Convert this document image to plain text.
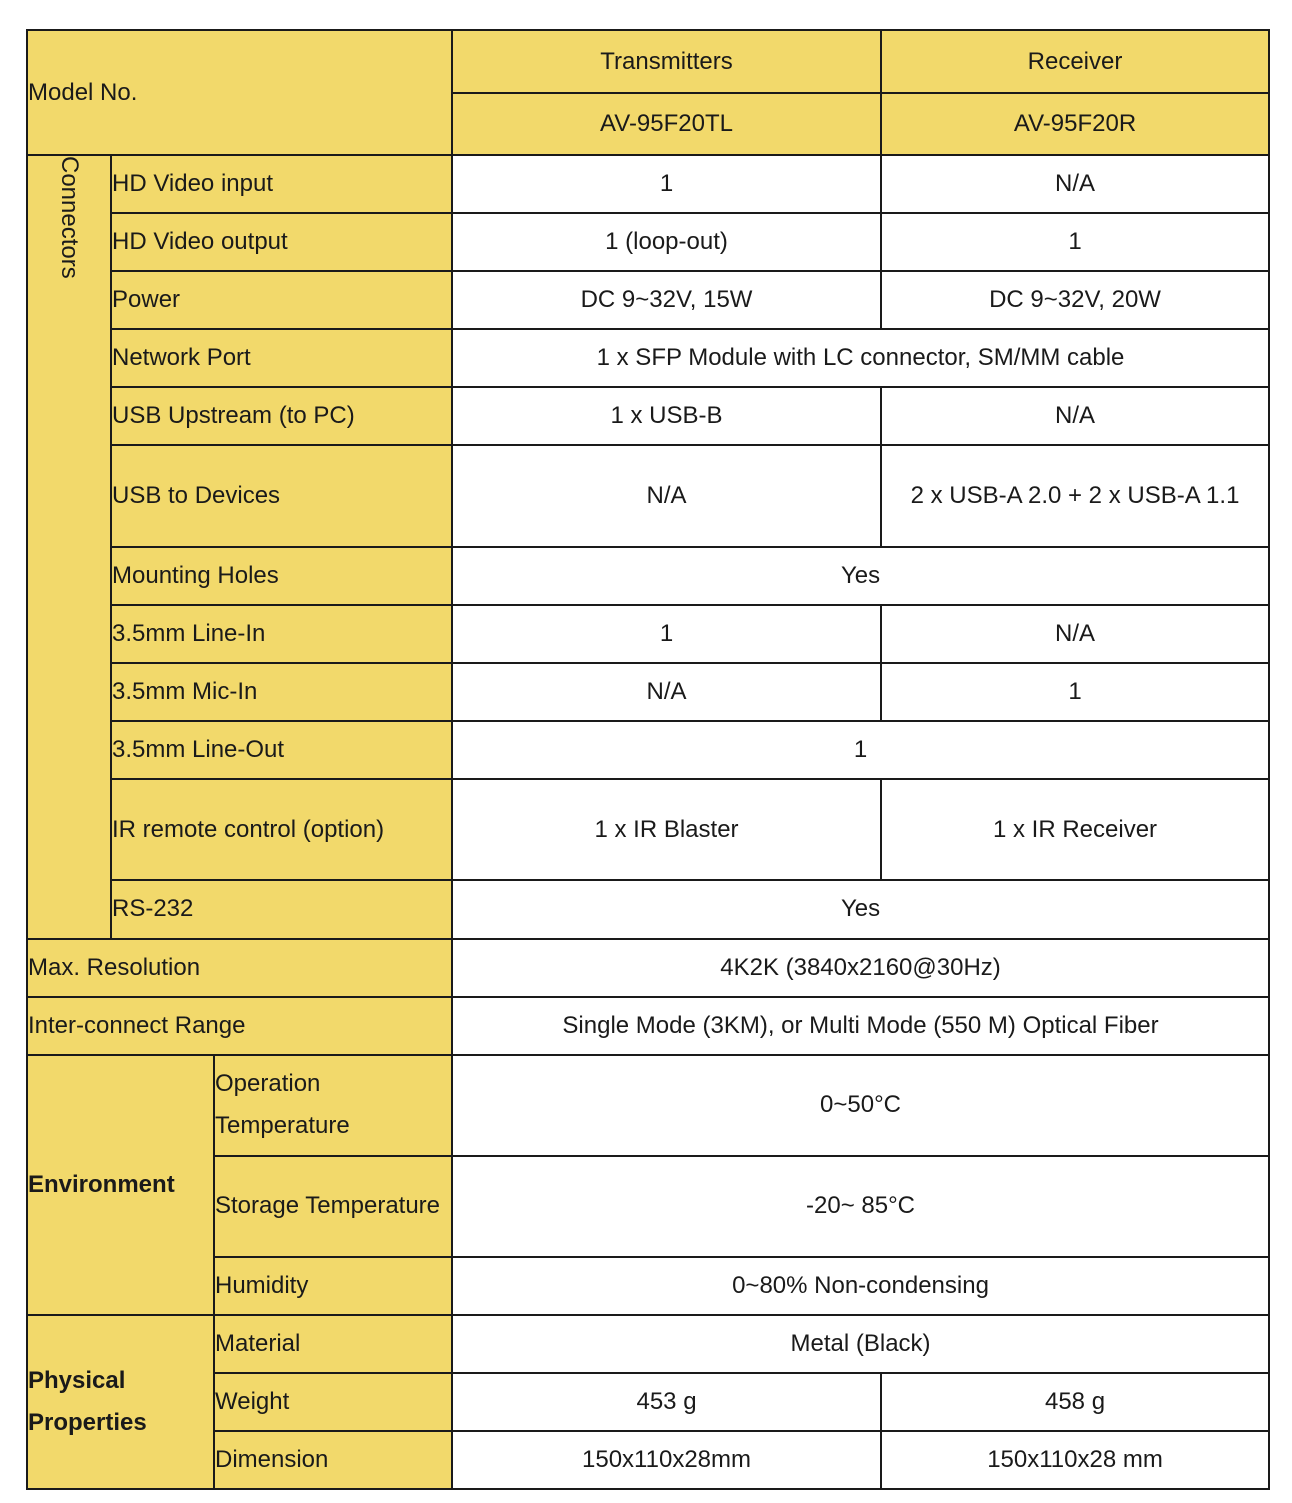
Model No.			Transmitters	Receiver
			AV-95F20TL	AV-95F20R
Connectors	HD Video input		1	N/A
	HD Video output		1 (loop-out)	1
	Power		DC 9~32V, 15W	DC 9~32V, 20W
	Network Port		1 x SFP Module with LC connector, SM/MM cable	
	USB Upstream (to PC)		1 x USB-B	N/A
	USB to Devices		N/A	2 x USB-A 2.0 + 2 x USB-A 1.1
	Mounting Holes		Yes	
	3.5mm Line-In		1	N/A
	3.5mm Mic-In		N/A	1
	3.5mm Line-Out		1	
	IR remote control (option)		1 x IR Blaster	1 x IR Receiver
	RS-232		Yes	
Max. Resolution			4K2K (3840x2160@30Hz)	
Inter-connect Range			Single Mode (3KM), or Multi Mode (550 M) Optical Fiber	
Environment		Operation Temperature	0~50°C	
		Storage Temperature	-20~ 85°C	
		Humidity	0~80% Non-condensing	
Physical Properties		Material	Metal (Black)	
		Weight	453 g	458 g
		Dimension	150x110x28mm	150x110x28 mm
